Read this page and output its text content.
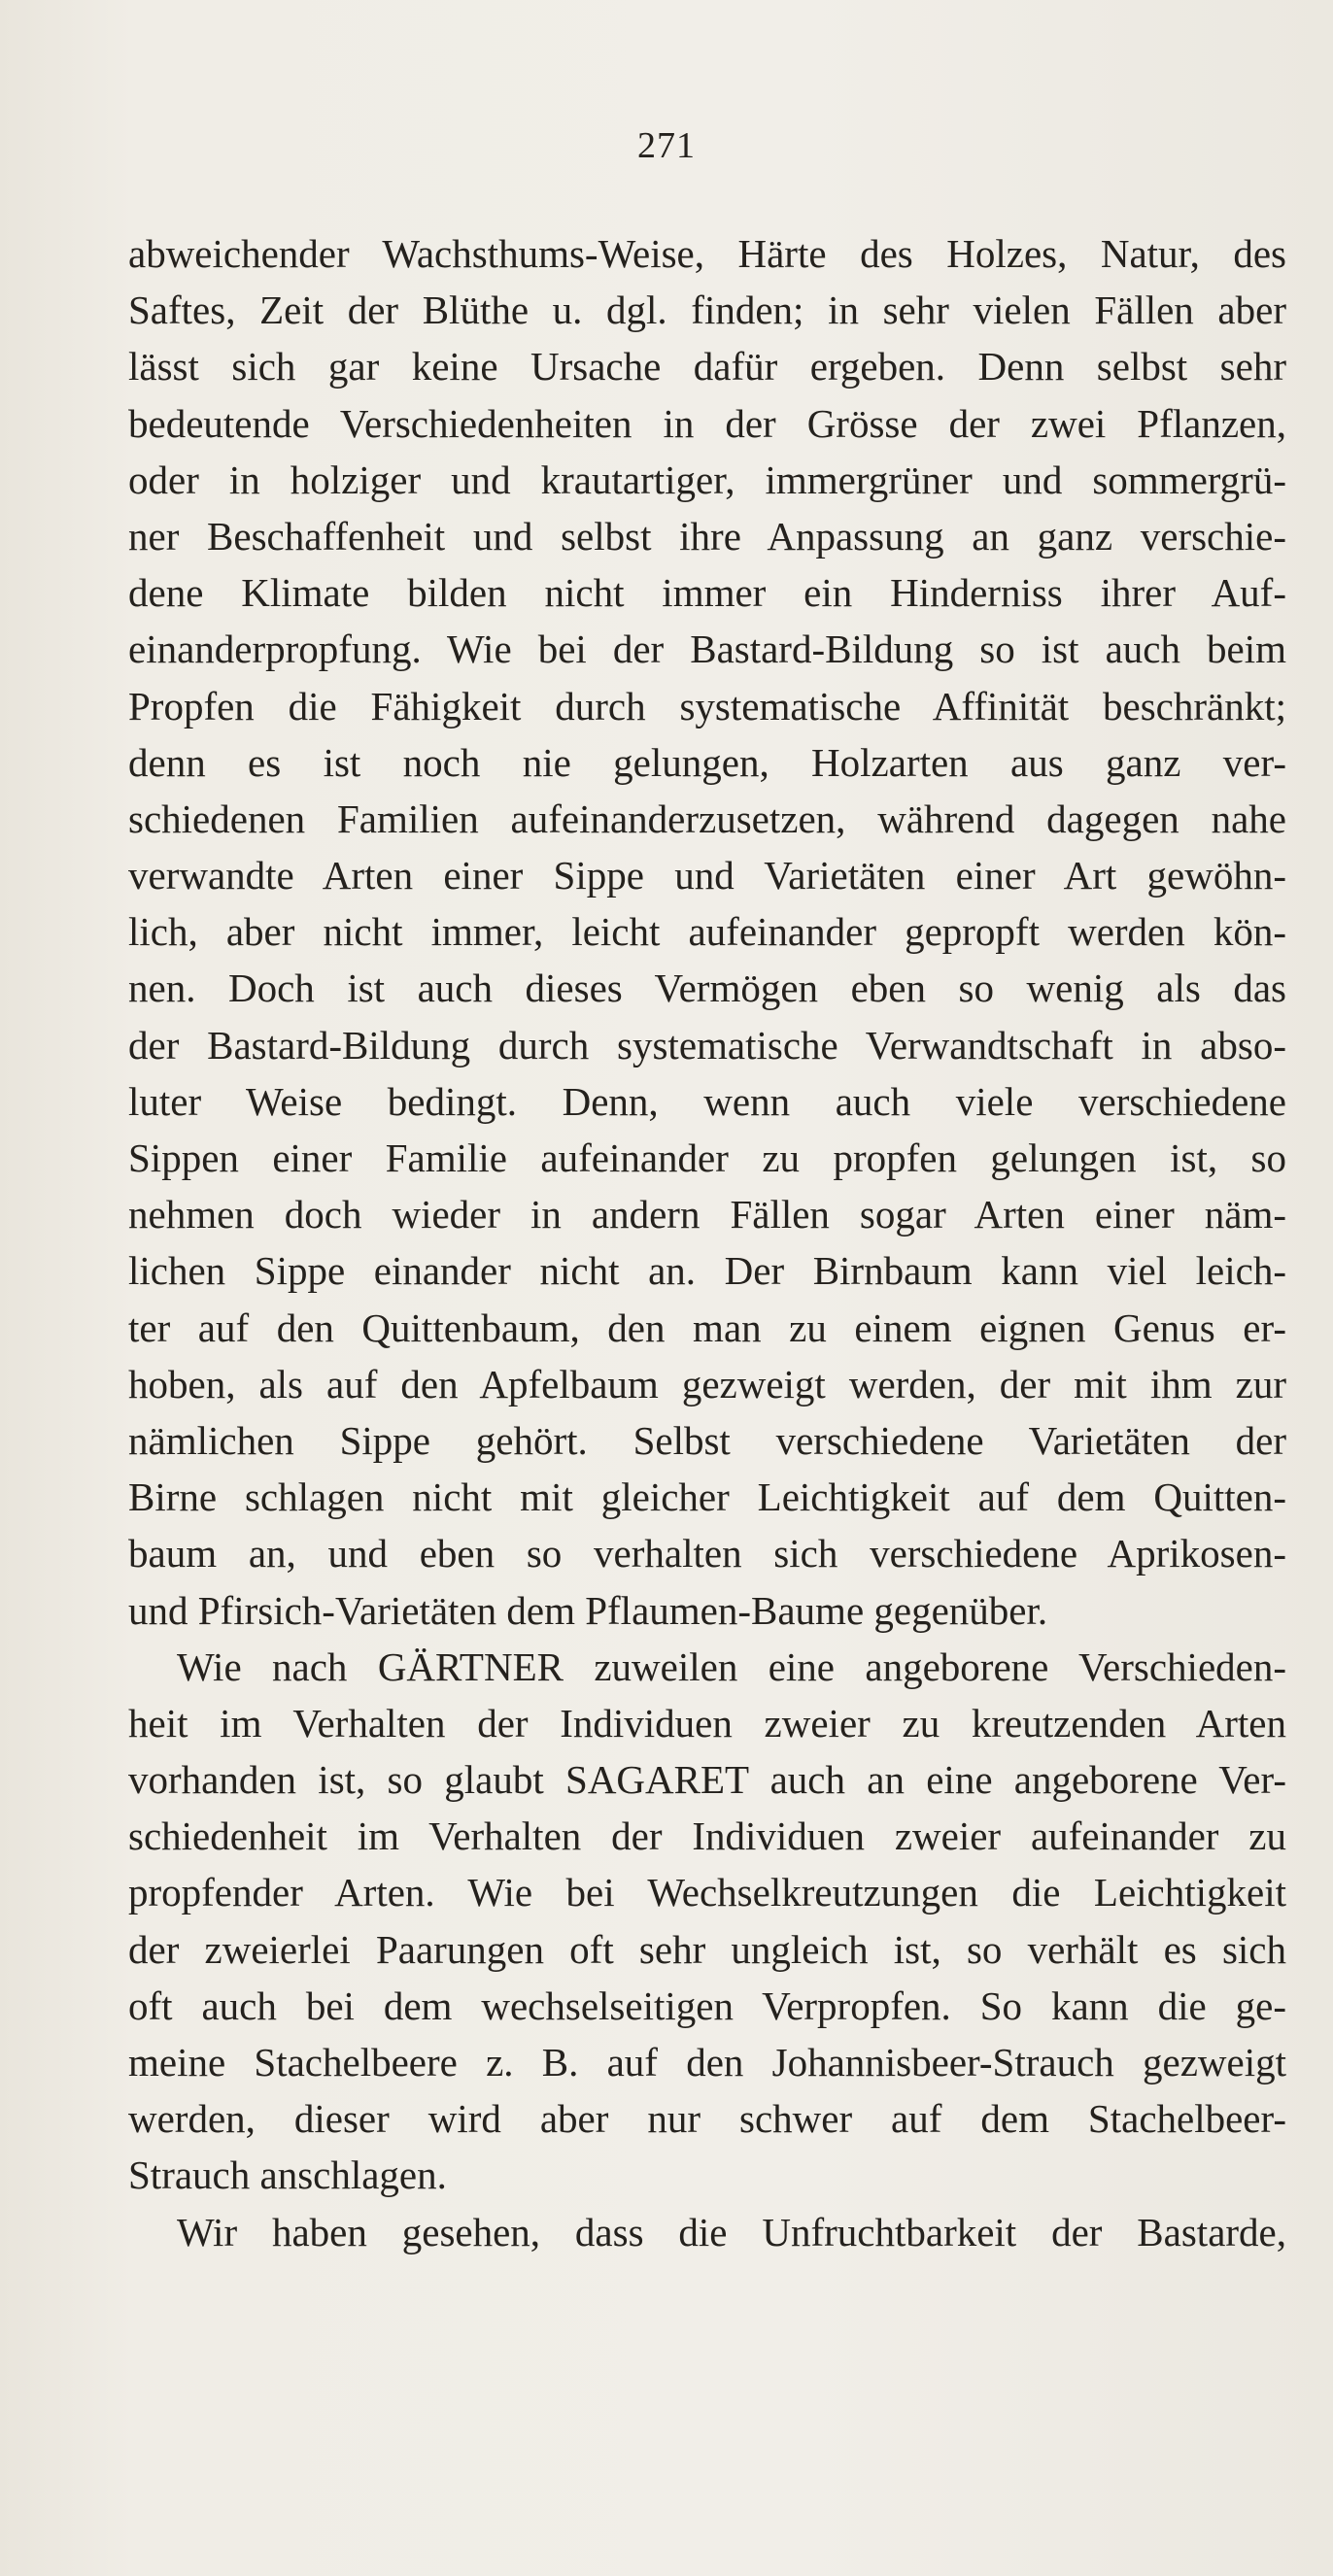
271
abweichender Wachsthums-Weise, Härte des Holzes, Natur, des
Saftes, Zeit der Blüthe u. dgl. finden; in sehr vielen Fällen aber
lässt sich gar keine Ursache dafür ergeben. Denn selbst sehr
bedeutende Verschiedenheiten in der Grösse der zwei Pflanzen,
oder in holziger und krautartiger, immergrüner und sommergrü-
ner Beschaffenheit und selbst ihre Anpassung an ganz verschie-
dene Klimate bilden nicht immer ein Hinderniss ihrer Auf-
einanderpropfung. Wie bei der Bastard-Bildung so ist auch beim
Propfen die Fähigkeit durch systematische Affinität beschränkt;
denn es ist noch nie gelungen, Holzarten aus ganz ver-
schiedenen Familien aufeinanderzusetzen, während dagegen nahe
verwandte Arten einer Sippe und Varietäten einer Art gewöhn-
lich, aber nicht immer, leicht aufeinander gepropft werden kön-
nen. Doch ist auch dieses Vermögen eben so wenig als das
der Bastard-Bildung durch systematische Verwandtschaft in abso-
luter Weise bedingt. Denn, wenn auch viele verschiedene
Sippen einer Familie aufeinander zu propfen gelungen ist, so
nehmen doch wieder in andern Fällen sogar Arten einer näm-
lichen Sippe einander nicht an. Der Birnbaum kann viel leich-
ter auf den Quittenbaum, den man zu einem eignen Genus er-
hoben, als auf den Apfelbaum gezweigt werden, der mit ihm zur
nämlichen Sippe gehört. Selbst verschiedene Varietäten der
Birne schlagen nicht mit gleicher Leichtigkeit auf dem Quitten-
baum an, und eben so verhalten sich verschiedene Aprikosen-
und Pfirsich-Varietäten dem Pflaumen-Baume gegenüber.
Wie nach GÄRTNER zuweilen eine angeborene Verschieden-
heit im Verhalten der Individuen zweier zu kreutzenden Arten
vorhanden ist, so glaubt SAGARET auch an eine angeborene Ver-
schiedenheit im Verhalten der Individuen zweier aufeinander zu
propfender Arten. Wie bei Wechselkreutzungen die Leichtigkeit
der zweierlei Paarungen oft sehr ungleich ist, so verhält es sich
oft auch bei dem wechselseitigen Verpropfen. So kann die ge-
meine Stachelbeere z. B. auf den Johannisbeer-Strauch gezweigt
werden, dieser wird aber nur schwer auf dem Stachelbeer-
Strauch anschlagen.
Wir haben gesehen, dass die Unfruchtbarkeit der Bastarde,
